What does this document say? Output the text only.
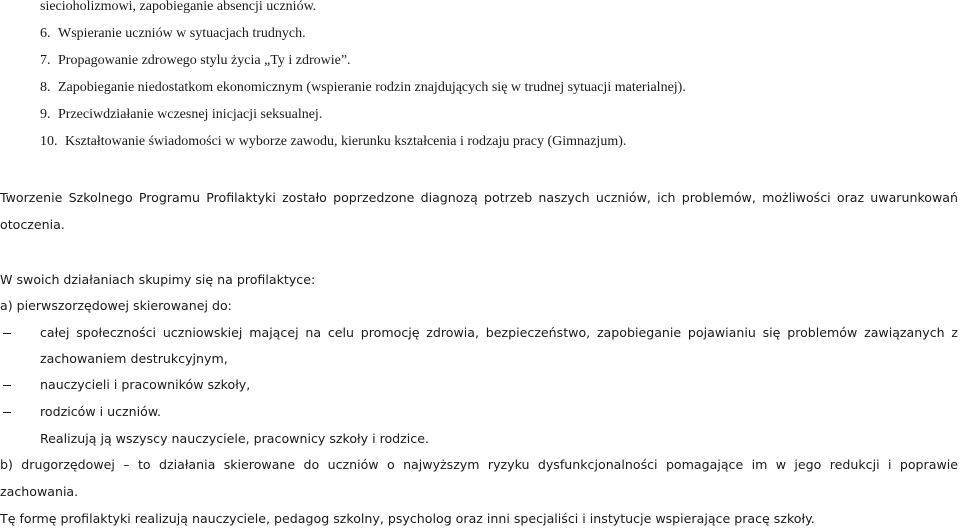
siecioholizmowi, zapobieganie absencji uczniów.
6. Wspieranie uczniów w sytuacjach trudnych.
7. Propagowanie zdrowego stylu życia „Ty i zdrowie”.
8. Zapobieganie niedostatkom ekonomicznym (wspieranie rodzin znajdujących się w trudnej sytuacji materialnej).
9. Przeciwdziałanie wczesnej inicjacji seksualnej.
10. Kształtowanie świadomości w wyborze zawodu, kierunku kształcenia i rodzaju pracy (Gimnazjum).
Tworzenie Szkolnego Programu Profilaktyki zostało poprzedzone diagnozą potrzeb naszych uczniów, ich problemów, możliwości oraz uwarunkowań
otoczenia.
W swoich działaniach skupimy się na profilaktyce:
a) pierwszorzędowej skierowanej do:
całej społeczności uczniowskiej mającej na celu promocję zdrowia, bezpieczeństwo, zapobieganie pojawianiu się problemów zawiązanych z
zachowaniem destrukcyjnym,
nauczycieli i pracowników szkoły,
rodziców i uczniów.
Realizują ją wszyscy nauczyciele, pracownicy szkoły i rodzice.
b) drugorzędowej – to działania skierowane do uczniów o najwyższym ryzyku dysfunkcjonalności pomagające im w jego redukcji i poprawie
zachowania.
Tę formę profilaktyki realizują nauczyciele, pedagog szkolny, psycholog oraz inni specjaliści i instytucje wspierające pracę szkoły.
